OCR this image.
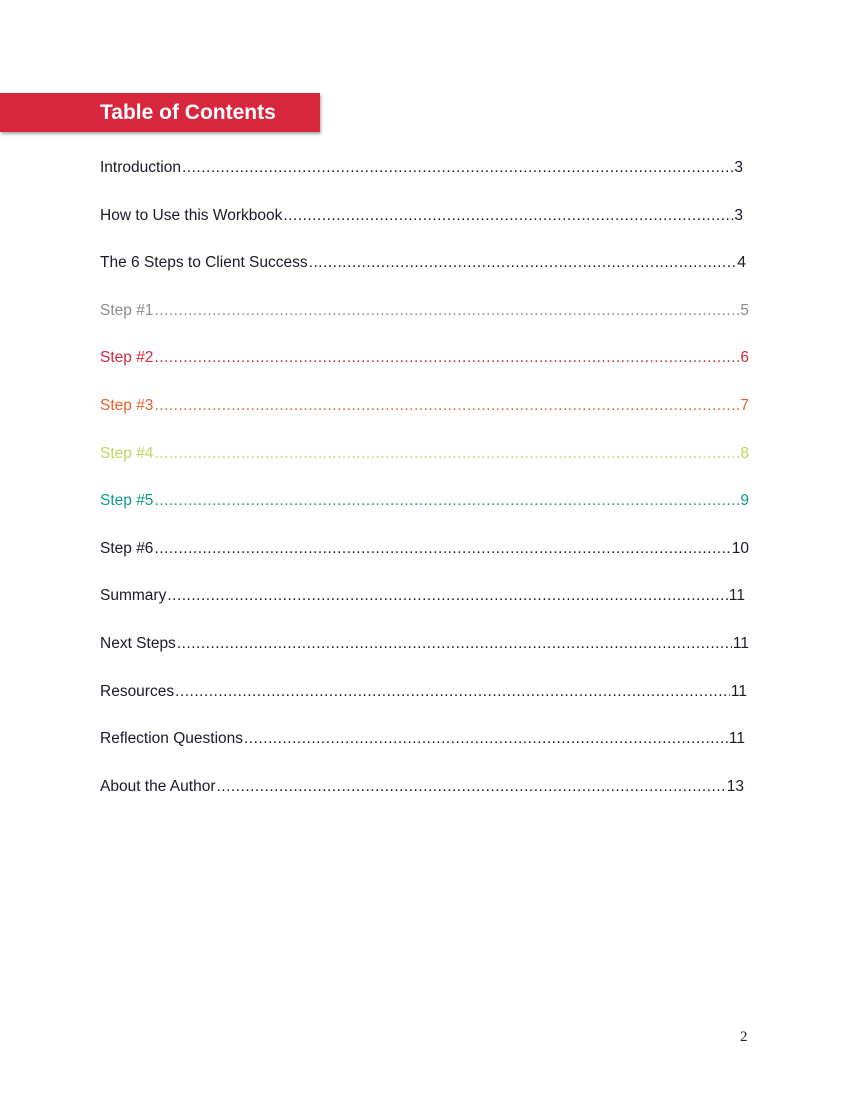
Table of Contents
Introduction .....	3
How to Use this Workbook .....	3
The 6 Steps to Client Success .....	4
Step #1 .....	5
Step #2 .....	6
Step #3 .....	7
Step #4 .....	8
Step #5 .....	9
Step #6 .....	10
Summary .....	11
Next Steps .....	11
Resources .....	11
Reflection Questions .....	11
About the Author .....	13
2
